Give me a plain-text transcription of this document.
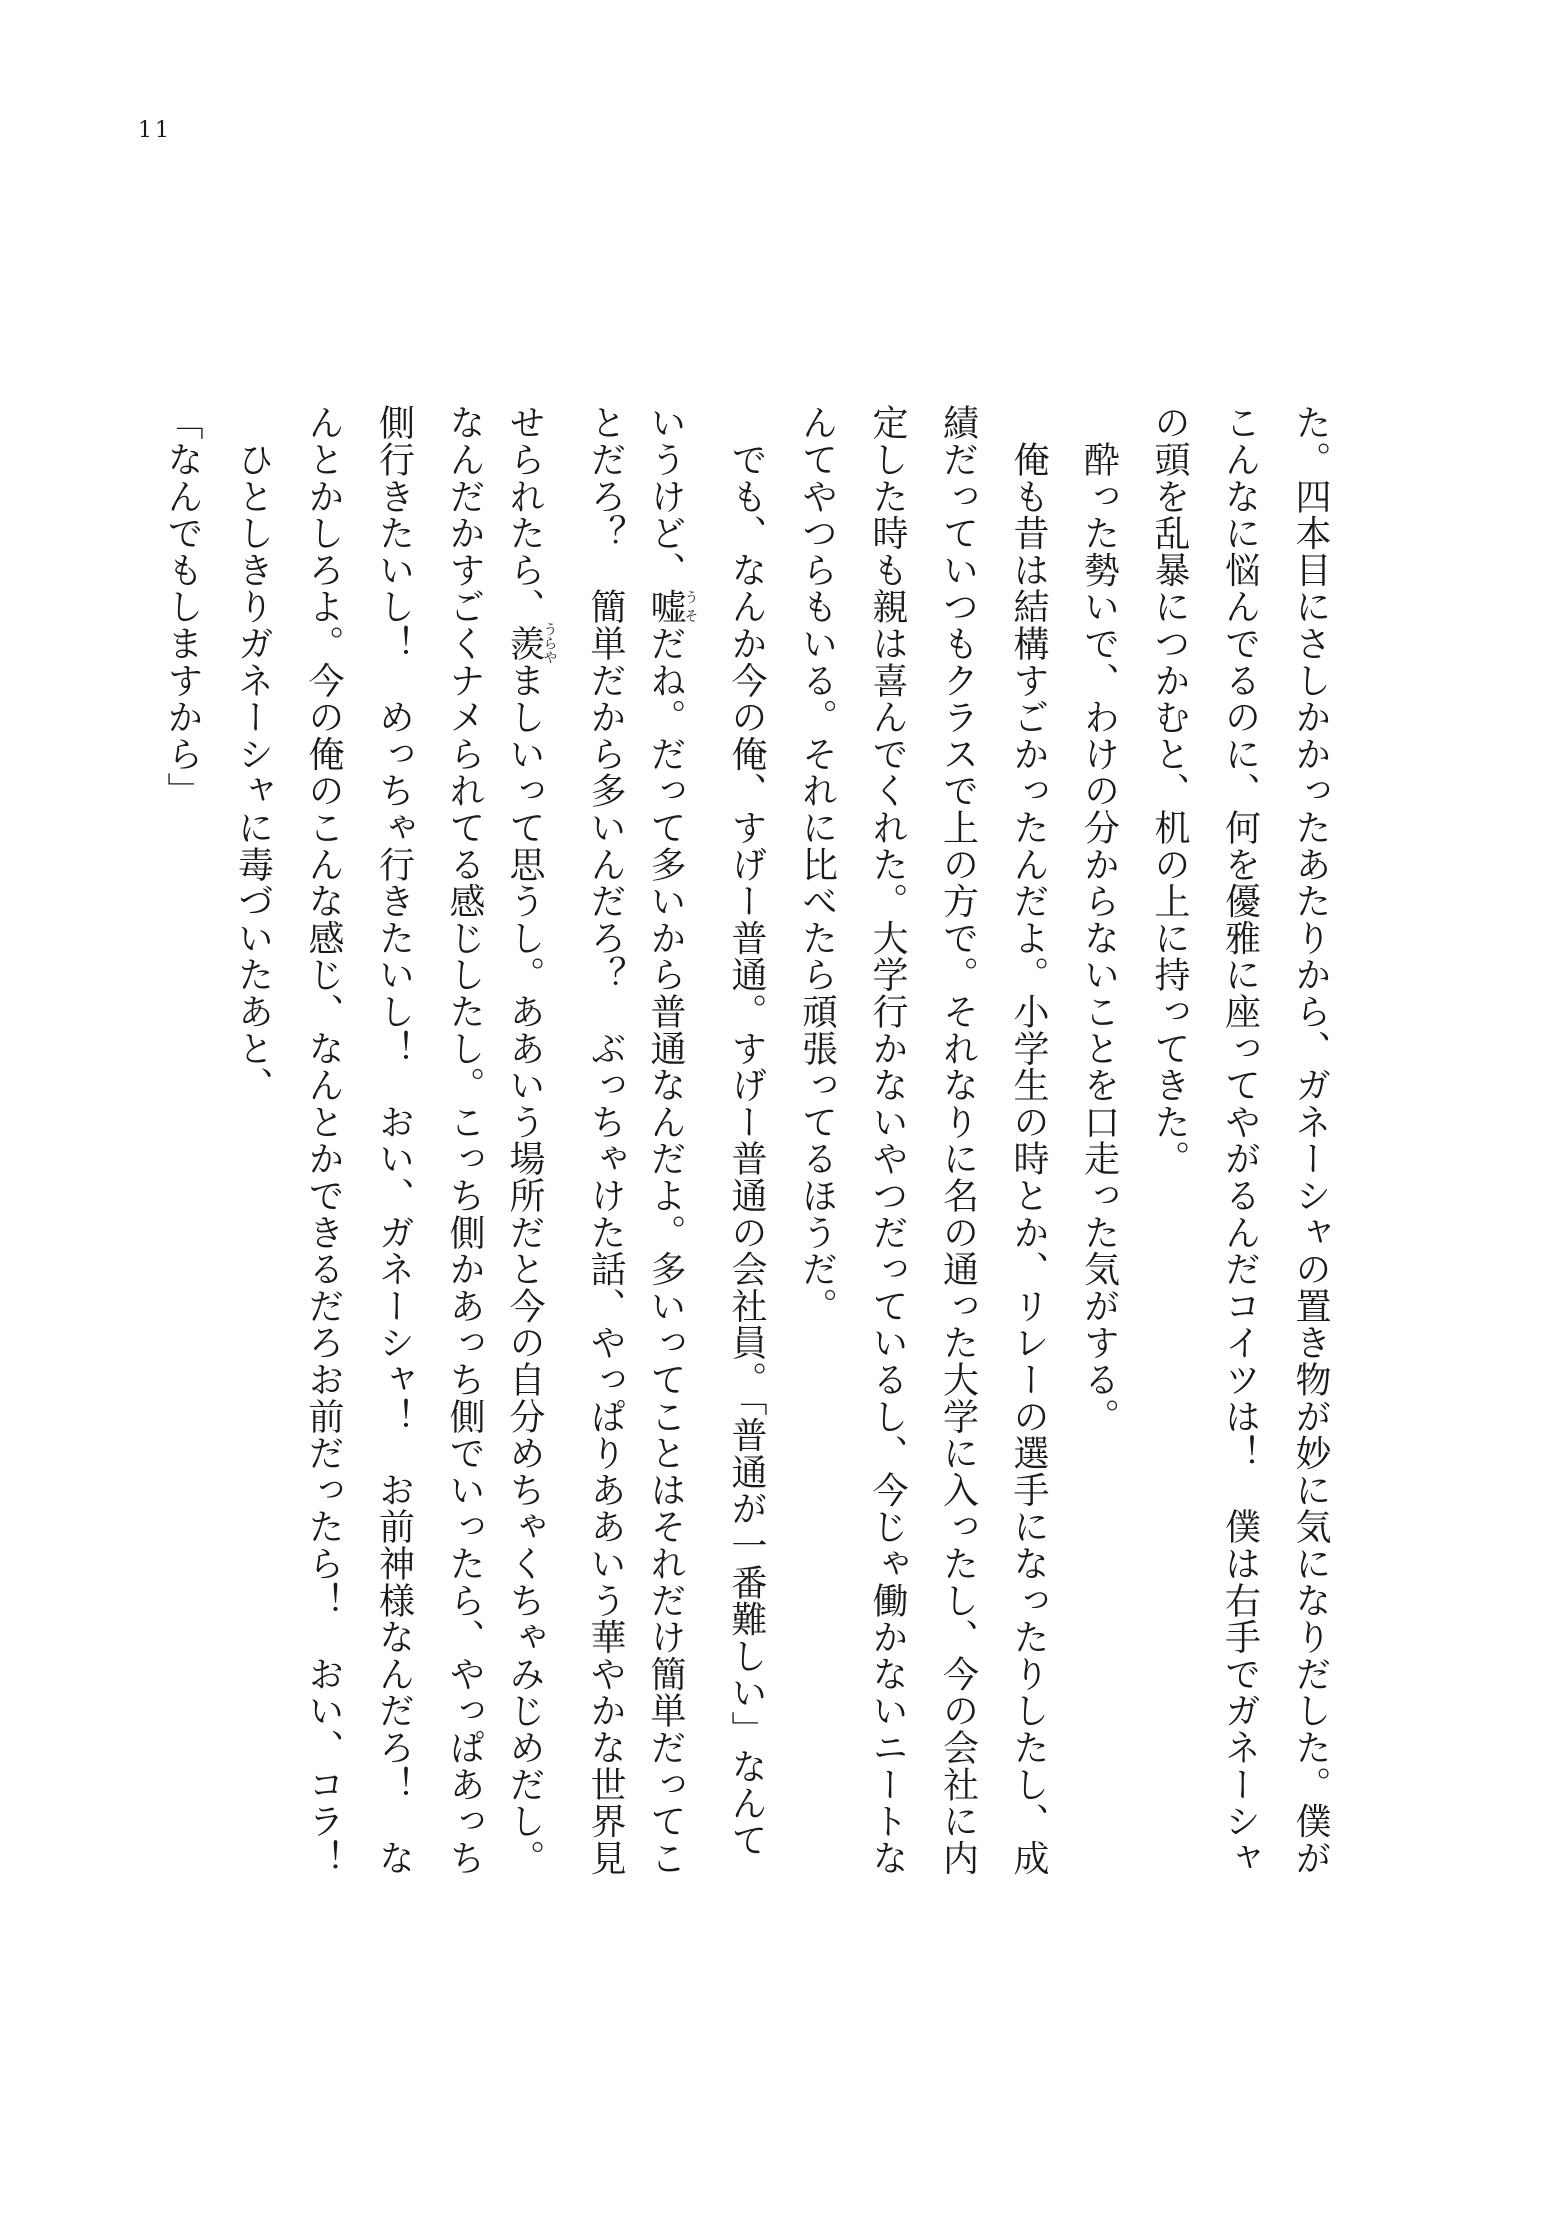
11
た。四本目にさしかかったあたりから、ガネーシャの置き物が妙に気になりだした。僕が
こんなに悩んでるのに、何を優雅に座ってやがるんだコイツは！　僕は右手でガネーシャ
の頭を乱暴につかむと、机の上に持ってきた。
　酔った勢いで、わけの分からないことを口走った気がする。
　俺も昔は結構すごかったんだよ。小学生の時とか、リレーの選手になったりしたし、成
績だっていつもクラスで上の方で。それなりに名の通った大学に入ったし、今の会社に内
定した時も親は喜んでくれた。大学行かないやつだっているし、今じゃ働かないニートな
んてやつらもいる。それに比べたら頑張ってるほうだ。
　でも、なんか今の俺、すげー普通。すげー普通の会社員。「普通が一番難しい」なんて
いうけど、嘘うそだね。だって多いから普通なんだよ。多いってことはそれだけ簡単だってこ
とだろ？　簡単だから多いんだろ？　ぶっちゃけた話、やっぱりああいう華やかな世界見
せられたら、羨うらやましいって思うし。ああいう場所だと今の自分めちゃくちゃみじめだし。
なんだかすごくナメられてる感じしたし。こっち側かあっち側でいったら、やっぱあっち
側行きたいし！　めっちゃ行きたいし！　おい、ガネーシャ！　お前神様なんだろ！　な
んとかしろよ。今の俺のこんな感じ、なんとかできるだろお前だったら！　おい、コラ！
　ひとしきりガネーシャに毒づいたあと、
「なんでもしますから」
